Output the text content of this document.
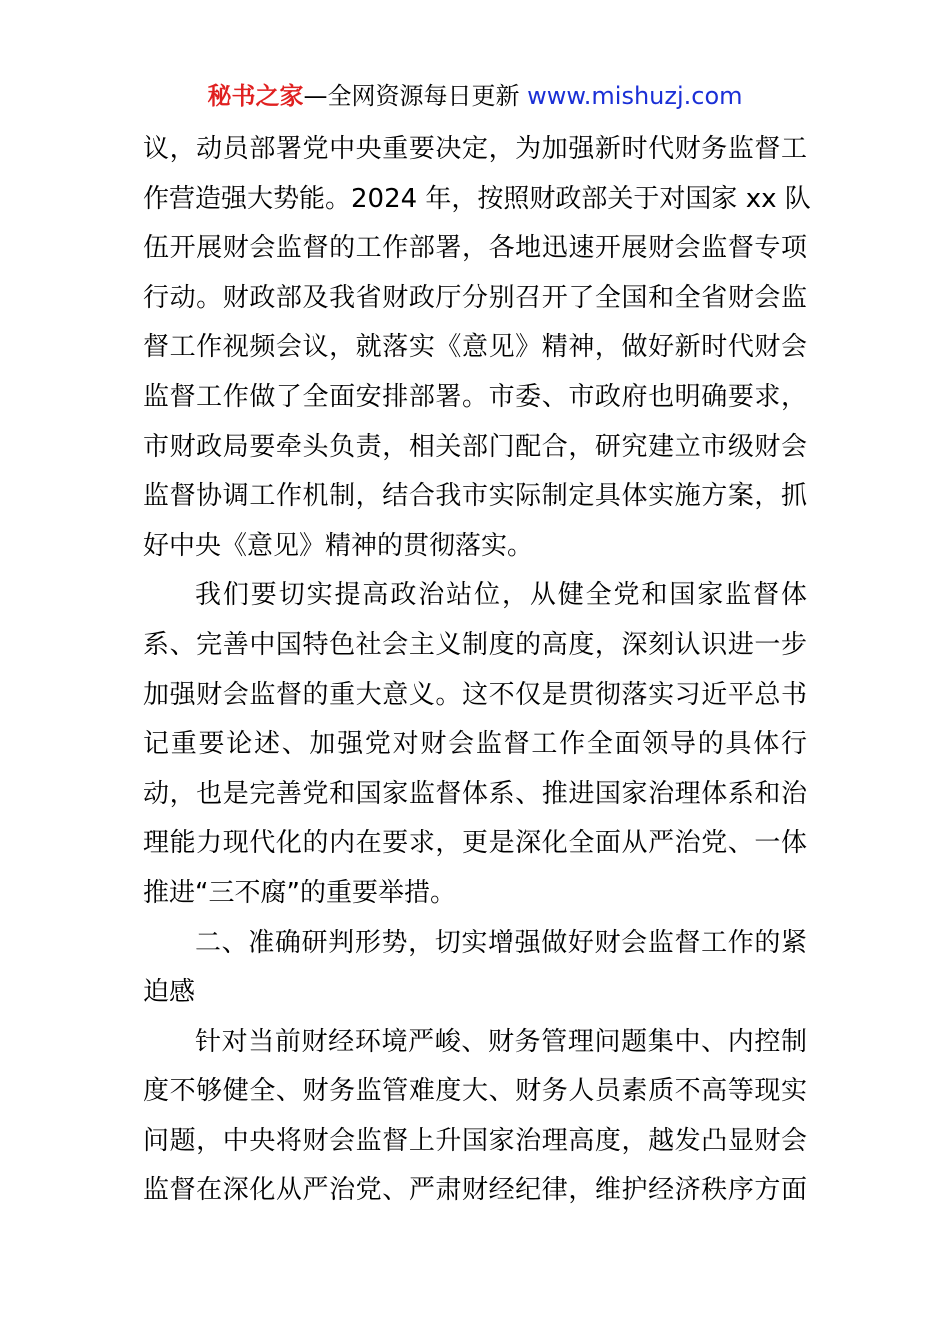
秘书之家—全网资源每日更新 www.mishuzj.com
议，动员部署党中央重要决定，为加强新时代财务监督工
作营造强大势能。2024 年，按照财政部关于对国家 xx 队
伍开展财会监督的工作部署，各地迅速开展财会监督专项
行动。财政部及我省财政厅分别召开了全国和全省财会监
督工作视频会议，就落实《意见》精神，做好新时代财会
监督工作做了全面安排部署。市委、市政府也明确要求，
市财政局要牵头负责，相关部门配合，研究建立市级财会
监督协调工作机制，结合我市实际制定具体实施方案，抓
好中央《意见》精神的贯彻落实。
我们要切实提高政治站位，从健全党和国家监督体
系、完善中国特色社会主义制度的高度，深刻认识进一步
加强财会监督的重大意义。这不仅是贯彻落实习近平总书
记重要论述、加强党对财会监督工作全面领导的具体行
动，也是完善党和国家监督体系、推进国家治理体系和治
理能力现代化的内在要求，更是深化全面从严治党、一体
推进“三不腐”的重要举措。
二、准确研判形势，切实增强做好财会监督工作的紧
迫感
针对当前财经环境严峻、财务管理问题集中、内控制
度不够健全、财务监管难度大、财务人员素质不高等现实
问题，中央将财会监督上升国家治理高度，越发凸显财会
监督在深化从严治党、严肃财经纪律，维护经济秩序方面
